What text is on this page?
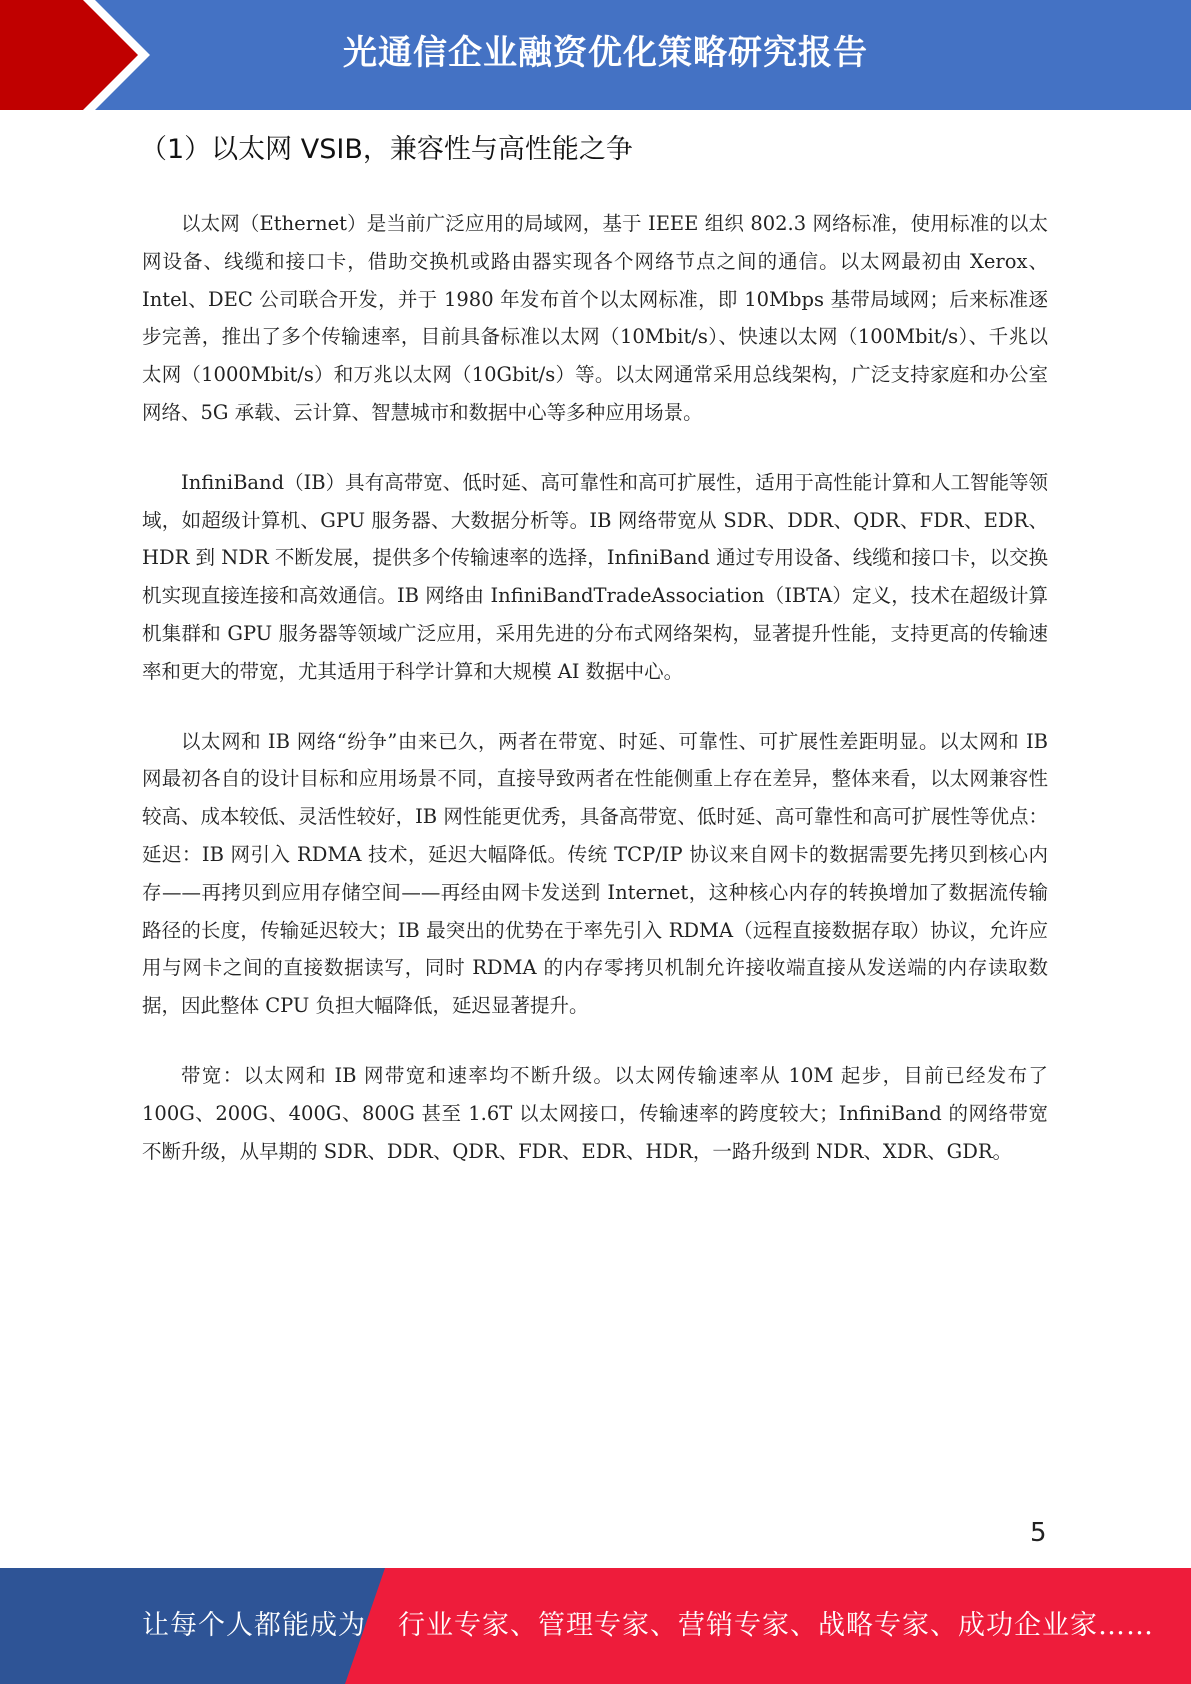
光通信企业融资优化策略研究报告
（1）以太网 VSIB，兼容性与高性能之争

以太网（Ethernet）是当前广泛应用的局域网，基于 IEEE 组织 802.3 网络标准，使用标准的以太网设备、线缆和接口卡，借助交换机或路由器实现各个网络节点之间的通信。以太网最初由 Xerox、Intel、DEC 公司联合开发，并于 1980 年发布首个以太网标准，即 10Mbps 基带局域网；后来标准逐步完善，推出了多个传输速率，目前具备标准以太网（10Mbit/s）、快速以太网（100Mbit/s）、千兆以太网（1000Mbit/s）和万兆以太网（10Gbit/s）等。以太网通常采用总线架构，广泛支持家庭和办公室网络、5G 承载、云计算、智慧城市和数据中心等多种应用场景。

InfiniBand（IB）具有高带宽、低时延、高可靠性和高可扩展性，适用于高性能计算和人工智能等领域，如超级计算机、GPU 服务器、大数据分析等。IB 网络带宽从 SDR、DDR、QDR、FDR、EDR、HDR 到 NDR 不断发展，提供多个传输速率的选择，InfiniBand 通过专用设备、线缆和接口卡，以交换机实现直接连接和高效通信。IB 网络由 InfiniBandTradeAssociation（IBTA）定义，技术在超级计算机集群和 GPU 服务器等领域广泛应用，采用先进的分布式网络架构，显著提升性能，支持更高的传输速率和更大的带宽，尤其适用于科学计算和大规模 AI 数据中心。

以太网和 IB 网络“纷争”由来已久，两者在带宽、时延、可靠性、可扩展性差距明显。以太网和 IB 网最初各自的设计目标和应用场景不同，直接导致两者在性能侧重上存在差异，整体来看，以太网兼容性较高、成本较低、灵活性较好，IB 网性能更优秀，具备高带宽、低时延、高可靠性和高可扩展性等优点：延迟：IB 网引入 RDMA 技术，延迟大幅降低。传统 TCP/IP 协议来自网卡的数据需要先拷贝到核心内存——再拷贝到应用存储空间——再经由网卡发送到 Internet，这种核心内存的转换增加了数据流传输路径的长度，传输延迟较大；IB 最突出的优势在于率先引入 RDMA（远程直接数据存取）协议，允许应用与网卡之间的直接数据读写，同时 RDMA 的内存零拷贝机制允许接收端直接从发送端的内存读取数据，因此整体 CPU 负担大幅降低，延迟显著提升。

带宽：以太网和 IB 网带宽和速率均不断升级。以太网传输速率从 10M 起步，目前已经发布了 100G、200G、400G、800G 甚至 1.6T 以太网接口，传输速率的跨度较大；InfiniBand 的网络带宽不断升级，从早期的 SDR、DDR、QDR、FDR、EDR、HDR，一路升级到 NDR、XDR、GDR。

5
让每个人都能成为 行业专家、管理专家、营销专家、战略专家、成功企业家……
